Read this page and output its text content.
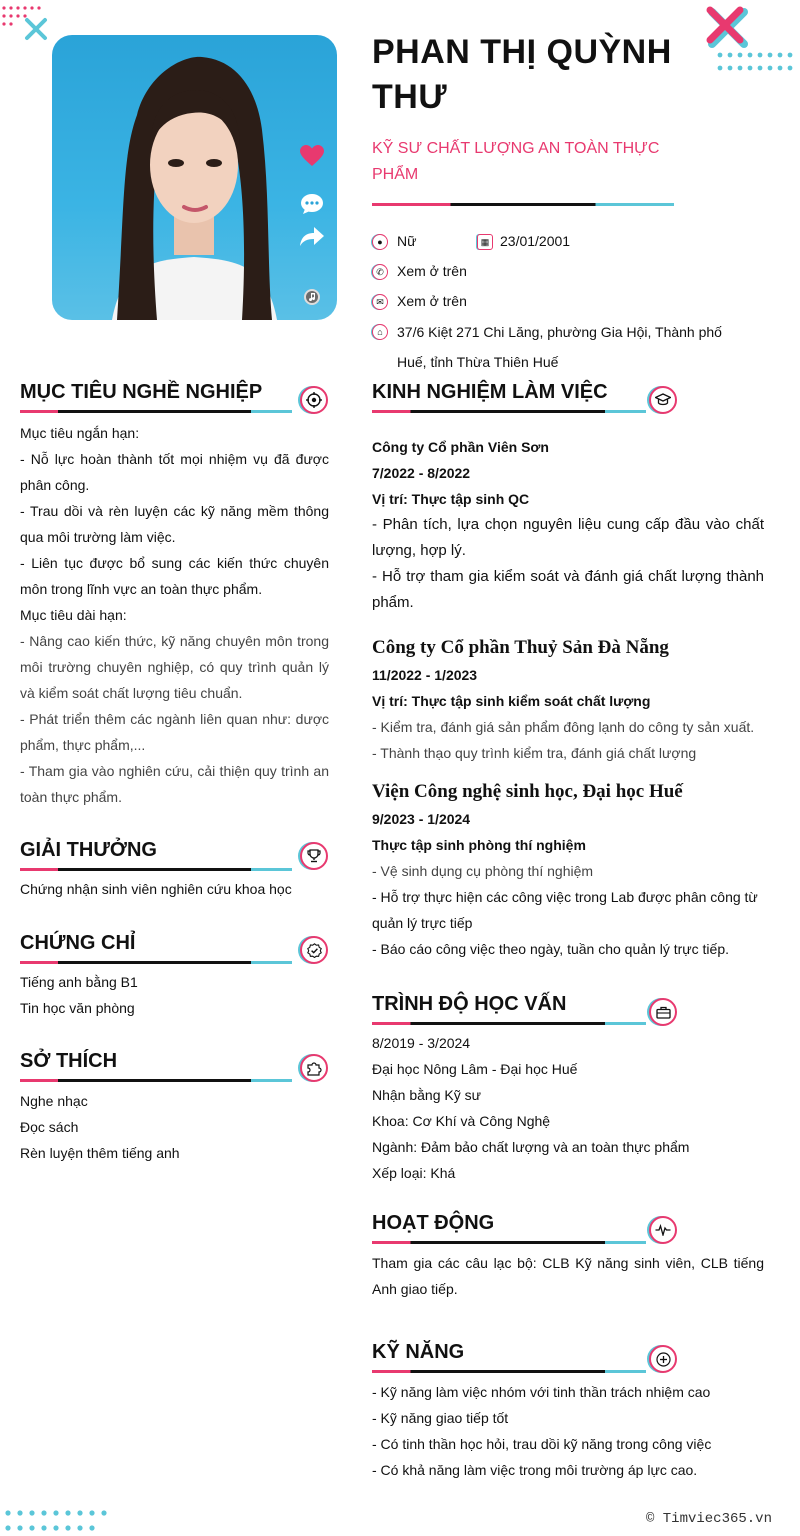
PHAN THỊ QUỲNH THƯ
KỸ SƯ CHẤT LƯỢNG AN TOÀN THỰC PHẨM
●	Nữ	▦ 23/01/2001
✆ Xem ở trên
✉ Xem ở trên
⌂	37/6 Kiệt 271 Chi Lăng, phường Gia Hội, Thành phố Huế, tỉnh Thừa Thiên Huế
MỤC TIÊU NGHỀ NGHIỆP

Mục tiêu ngắn hạn:

- Nỗ lực hoàn thành tốt mọi nhiệm vụ đã được phân công.

- Trau dồi và rèn luyện các kỹ năng mềm thông qua môi trường làm việc.

- Liên tục được bổ sung các kiến thức chuyên môn trong lĩnh vực an toàn thực phẩm.

Mục tiêu dài hạn:

- Nâng cao kiến thức, kỹ năng chuyên môn trong môi trường chuyên nghiệp, có quy trình quản lý và kiểm soát chất lượng tiêu chuẩn.

- Phát triển thêm các ngành liên quan như: dược phẩm, thực phẩm,...

- Tham gia vào nghiên cứu, cải thiện quy trình an toàn thực phẩm.

GIẢI THƯỞNG

Chứng nhận sinh viên nghiên cứu khoa học

CHỨNG CHỈ

Tiếng anh bằng B1

Tin học văn phòng

SỞ THÍCH

Nghe nhạc

Đọc sách

Rèn luyện thêm tiếng anh

KINH NGHIỆM LÀM VIỆC

Công ty Cổ phần Viên Sơn

7/2022 - 8/2022

Vị trí: Thực tập sinh QC

- Phân tích, lựa chọn nguyên liệu cung cấp đầu vào chất lượng, hợp lý.

- Hỗ trợ tham gia kiểm soát và đánh giá chất lượng thành phẩm.

Công ty Cổ phần Thuỷ Sản Đà Nẵng

11/2022 - 1/2023

Vị trí: Thực tập sinh kiểm soát chất lượng

- Kiểm tra, đánh giá sản phẩm đông lạnh do công ty sản xuất.

- Thành thạo quy trình kiểm tra, đánh giá chất lượng

Viện Công nghệ sinh học, Đại học Huế

9/2023 - 1/2024

Thực tập sinh phòng thí nghiệm

- Vệ sinh dụng cụ phòng thí nghiệm

- Hỗ trợ thực hiện các công việc trong Lab được phân công từ quản lý trực tiếp

- Báo cáo công việc theo ngày, tuần cho quản lý trực tiếp.

TRÌNH ĐỘ HỌC VẤN

8/2019 - 3/2024

Đại học Nông Lâm - Đại học Huế

Nhận bằng Kỹ sư

Khoa: Cơ Khí và Công Nghệ

Ngành: Đảm bảo chất lượng và an toàn thực phẩm

Xếp loại: Khá

HOẠT ĐỘNG

Tham gia các câu lạc bộ: CLB Kỹ năng sinh viên, CLB tiếng Anh giao tiếp.

KỸ NĂNG

- Kỹ năng làm việc nhóm với tinh thần trách nhiệm cao

- Kỹ năng giao tiếp tốt

- Có tinh thần học hỏi, trau dồi kỹ năng trong công việc

- Có khả năng làm việc trong môi trường áp lực cao.

© Timviec365.vn
